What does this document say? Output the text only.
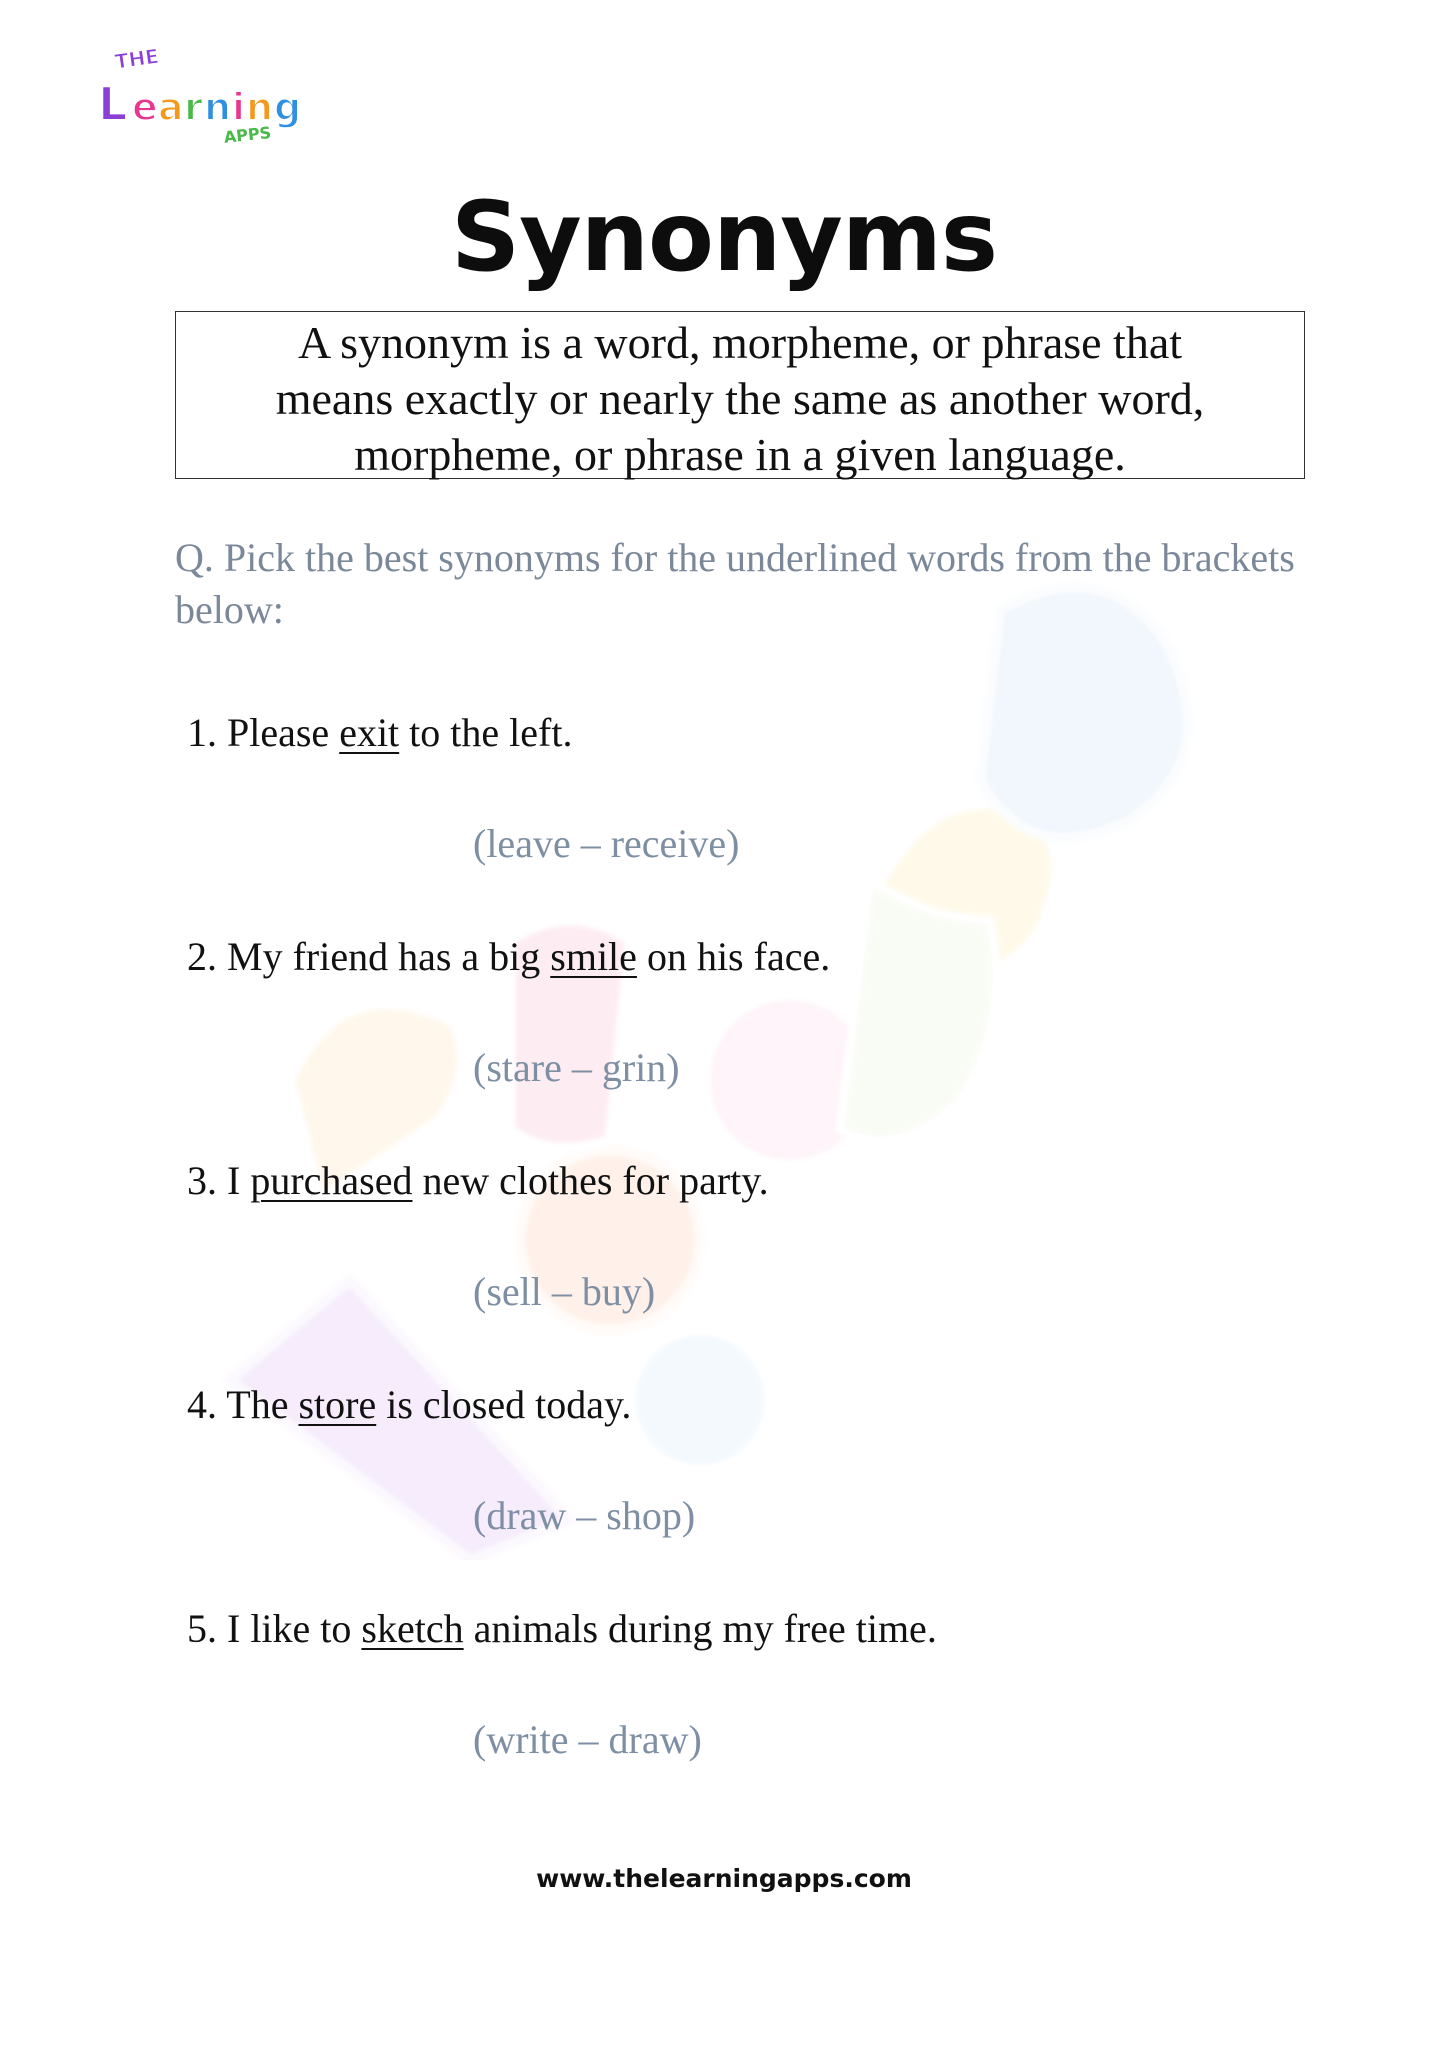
THE
L e a r n i n g
APPS
Synonyms
A synonym is a word, morpheme, or phrase that
means exactly or nearly the same as another word,
morpheme, or phrase in a given language.
Q. Pick the best synonyms for the underlined words from the brackets below:
1. Please exit to the left.
(leave – receive)
2. My friend has a big smile on his face.
(stare – grin)
3. I purchased new clothes for party.
(sell – buy)
4. The store is closed today.
(draw – shop)
5. I like to sketch animals during my free time.
(write – draw)
www.thelearningapps.com
